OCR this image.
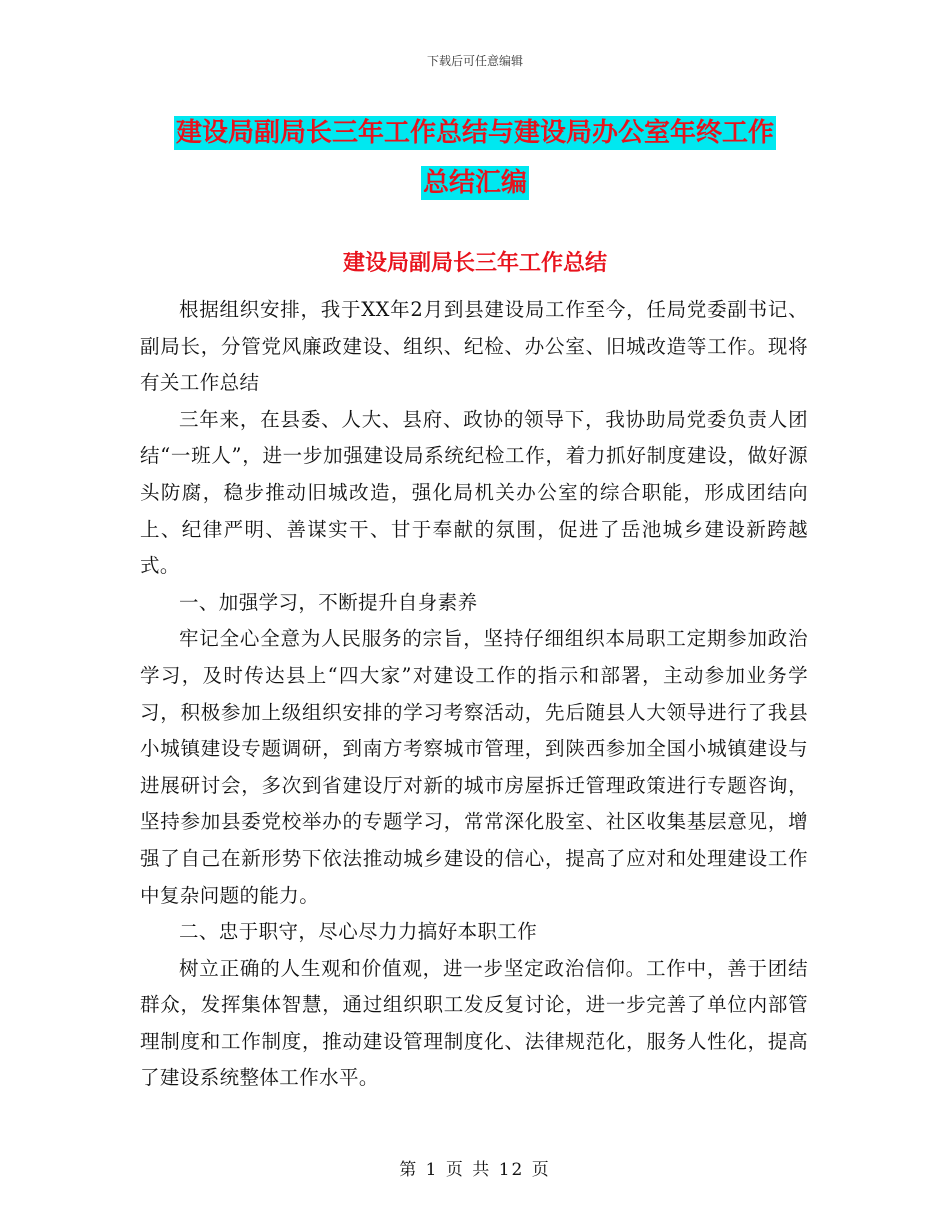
下载后可任意编辑
建设局副局长三年工作总结与建设局办公室年终工作
总结汇编
建设局副局长三年工作总结

根据组织安排，我于XX年2月到县建设局工作至今，任局党委副书记、副局长，分管党风廉政建设、组织、纪检、办公室、旧城改造等工作。现将有关工作总结

三年来，在县委、人大、县府、政协的领导下，我协助局党委负责人团结“一班人”，进一步加强建设局系统纪检工作，着力抓好制度建设，做好源头防腐，稳步推动旧城改造，强化局机关办公室的综合职能，形成团结向上、纪律严明、善谋实干、甘于奉献的氛围，促进了岳池城乡建设新跨越式。

一、加强学习，不断提升自身素养

牢记全心全意为人民服务的宗旨，坚持仔细组织本局职工定期参加政治学习，及时传达县上“四大家”对建设工作的指示和部署，主动参加业务学习，积极参加上级组织安排的学习考察活动，先后随县人大领导进行了我县小城镇建设专题调研，到南方考察城市管理，到陕西参加全国小城镇建设与进展研讨会，多次到省建设厅对新的城市房屋拆迁管理政策进行专题咨询，坚持参加县委党校举办的专题学习，常常深化股室、社区收集基层意见，增强了自己在新形势下依法推动城乡建设的信心，提高了应对和处理建设工作中复杂问题的能力。

二、忠于职守，尽心尽力力搞好本职工作

树立正确的人生观和价值观，进一步坚定政治信仰。工作中，善于团结群众，发挥集体智慧，通过组织职工发反复讨论，进一步完善了单位内部管理制度和工作制度，推动建设管理制度化、法律规范化，服务人性化，提高了建设系统整体工作水平。

第 1 页 共 12 页
